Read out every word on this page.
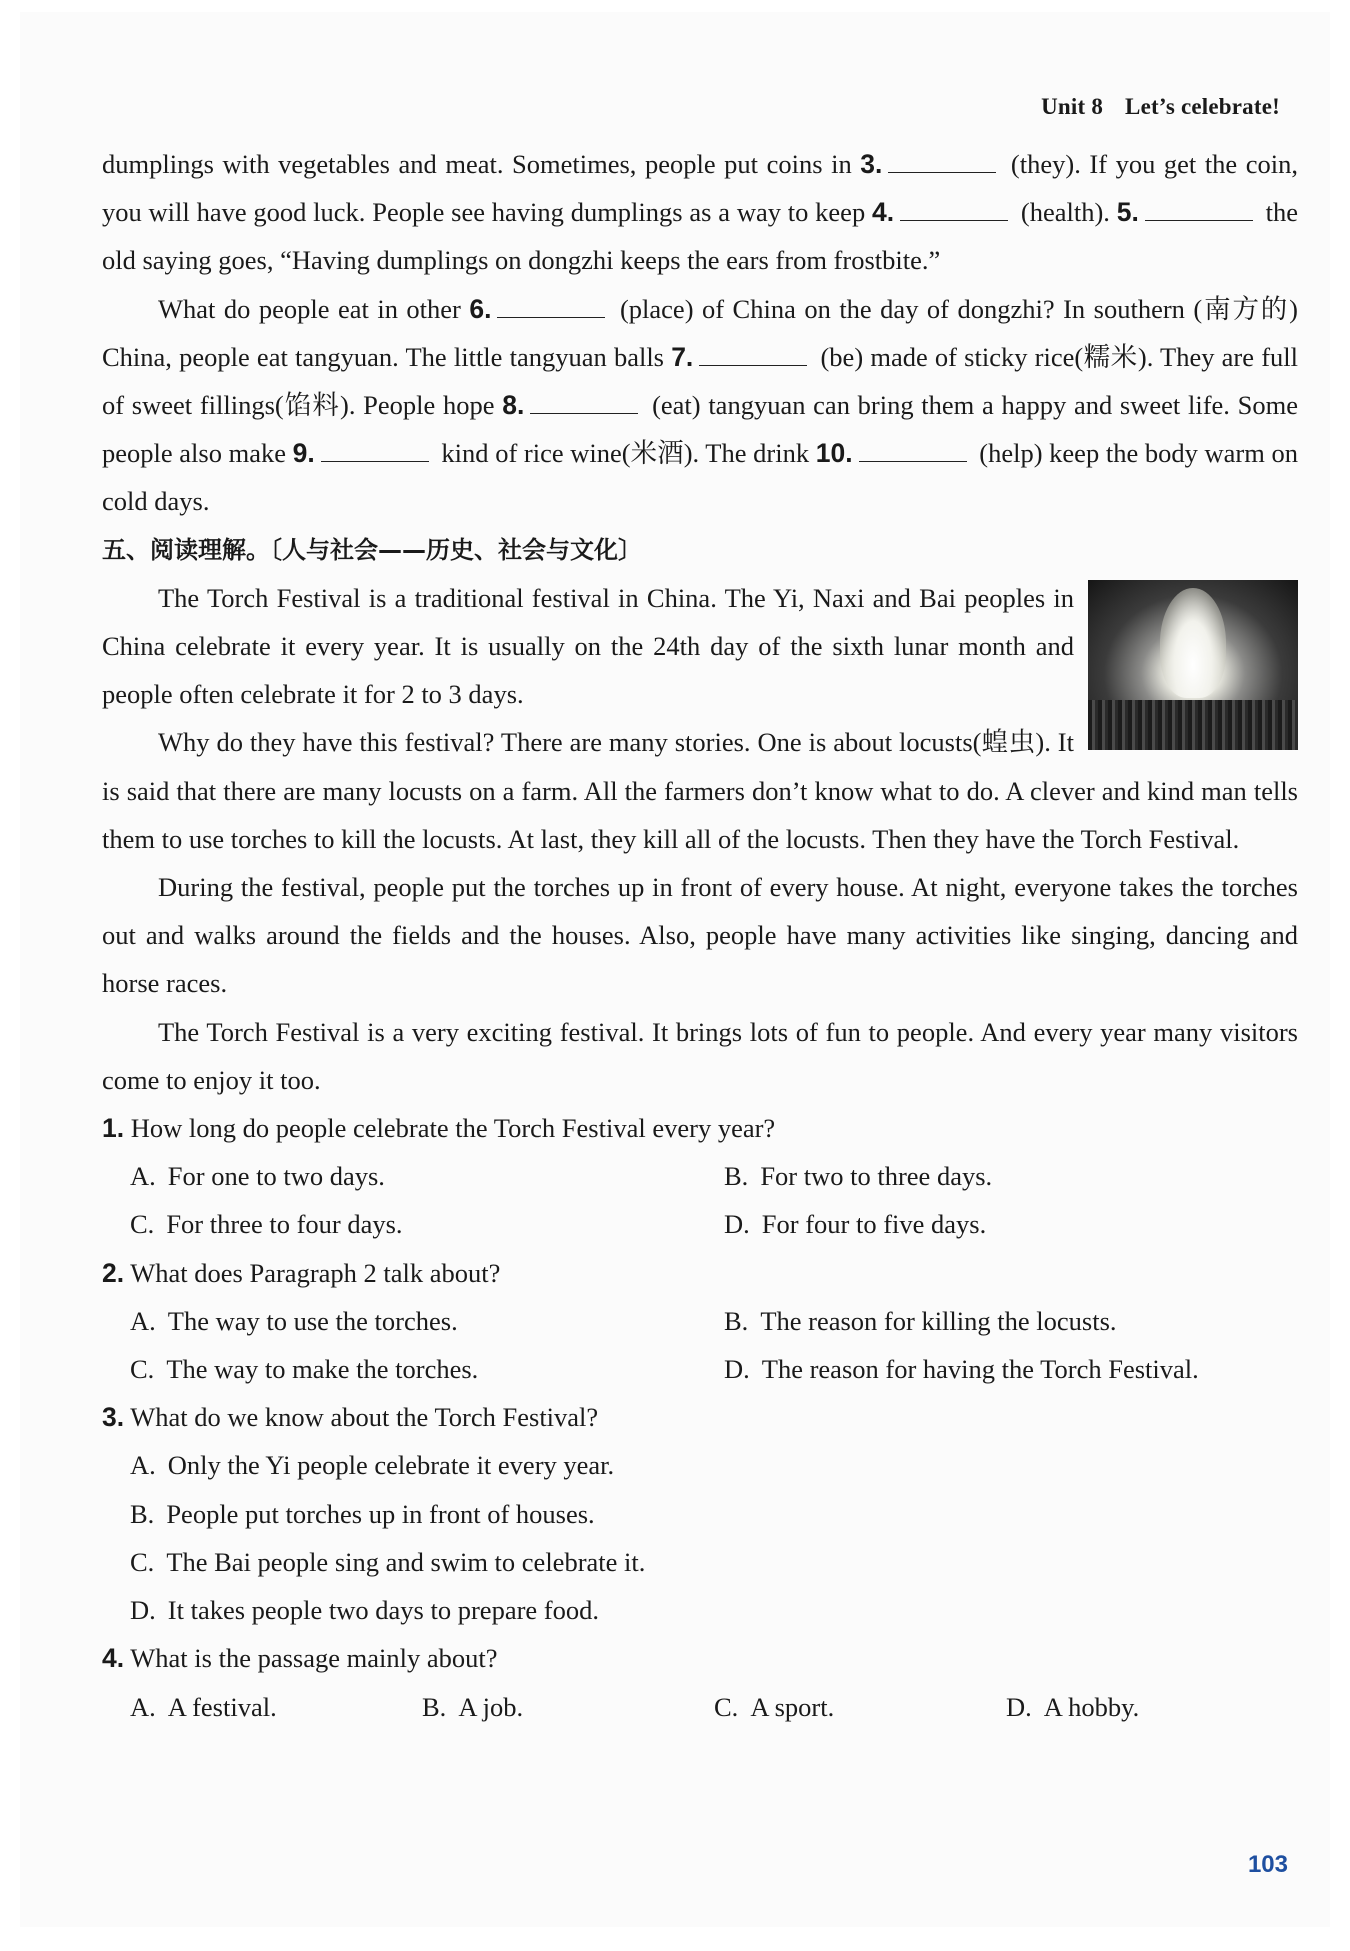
Unit 8 Let’s celebrate!

dumplings with vegetables and meat. Sometimes, people put coins in 3.	(they). If you get the coin, you will have good luck. People see having dumplings as a way to keep 4.	(health). 5.	the old saying goes, “Having dumplings on dongzhi keeps the ears from frostbite.”

What do people eat in other 6.	(place) of China on the day of dongzhi? In southern (南方的) China, people eat tangyuan. The little tangyuan balls 7.	(be) made of sticky rice(糯米). They are full of sweet fillings(馅料). People hope 8.	(eat) tangyuan can bring them a happy and sweet life. Some people also make 9.	kind of rice wine(米酒). The drink 10.	(help) keep the body warm on cold days.

五、阅读理解。〔人与社会——历史、社会与文化〕

The Torch Festival is a traditional festival in China. The Yi, Naxi and Bai peoples in China celebrate it every year. It is usually on the 24th day of the sixth lunar month and people often celebrate it for 2 to 3 days.

Why do they have this festival? There are many stories. One is about locusts(蝗虫). It is said that there are many locusts on a farm. All the farmers don’t know what to do. A clever and kind man tells them to use torches to kill the locusts. At last, they kill all of the locusts. Then they have the Torch Festival.

During the festival, people put the torches up in front of every house. At night, everyone takes the torches out and walks around the fields and the houses. Also, people have many activities like singing, dancing and horse races.

The Torch Festival is a very exciting festival. It brings lots of fun to people. And every year many visitors come to enjoy it too.

1. How long do people celebrate the Torch Festival every year?

A. For one to two days.	B. For two to three days.
C. For three to four days.	D. For four to five days.

2. What does Paragraph 2 talk about?

A. The way to use the torches.	B. The reason for killing the locusts.
C. The way to make the torches.	D. The reason for having the Torch Festival.

3. What do we know about the Torch Festival?

A. Only the Yi people celebrate it every year.
B. People put torches up in front of houses.
C. The Bai people sing and swim to celebrate it.
D. It takes people two days to prepare food.

4. What is the passage mainly about?

A. A festival.	B. A job.	C. A sport.	D. A hobby.
103
